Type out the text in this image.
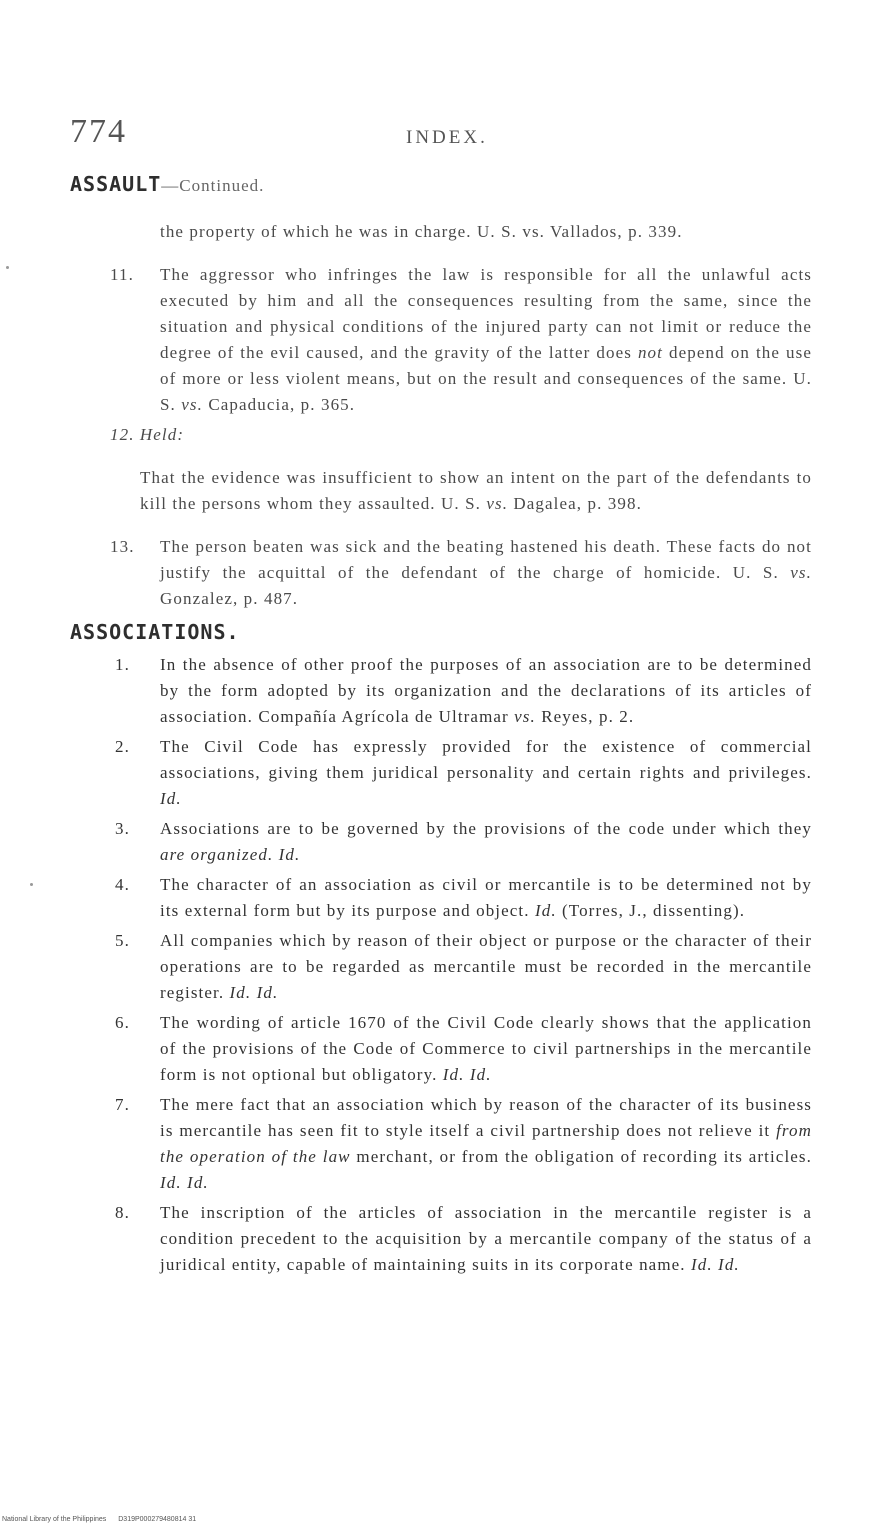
774	INDEX.

ASSAULT—Continued.

the property of which he was in charge. U. S. vs. Vallados, p. 339.

11. The aggressor who infringes the law is responsible for all the unlawful acts executed by him and all the consequences resulting from the same, since the situation and physical conditions of the injured party can not limit or reduce the degree of the evil caused, and the gravity of the latter does not depend on the use of more or less violent means, but on the result and consequences of the same. U. S. vs. Capaducia, p. 365.

12. Held:

That the evidence was insufficient to show an intent on the part of the defendants to kill the persons whom they assaulted. U. S. vs. Dagalea, p. 398.

13. The person beaten was sick and the beating hastened his death. These facts do not justify the acquittal of the defendant of the charge of homicide. U. S. vs. Gonzalez, p. 487.

ASSOCIATIONS.

1. In the absence of other proof the purposes of an association are to be determined by the form adopted by its organization and the declarations of its articles of association. Compañía Agrícola de Ultramar vs. Reyes, p. 2.

2. The Civil Code has expressly provided for the existence of commercial associations, giving them juridical personality and certain rights and privileges. Id.

3. Associations are to be governed by the provisions of the code under which they are organized. Id.

4. The character of an association as civil or mercantile is to be determined not by its external form but by its purpose and object. Id. (Torres, J., dissenting).

5. All companies which by reason of their object or purpose or the character of their operations are to be regarded as mercantile must be recorded in the mercantile register. Id. Id.

6. The wording of article 1670 of the Civil Code clearly shows that the application of the provisions of the Code of Commerce to civil partnerships in the mercantile form is not optional but obligatory. Id. Id.

7. The mere fact that an association which by reason of the character of its business is mercantile has seen fit to style itself a civil partnership does not relieve it from the operation of the law merchant, or from the obligation of recording its articles. Id. Id.

8. The inscription of the articles of association in the mercantile register is a condition precedent to the acquisition by a mercantile company of the status of a juridical entity, capable of maintaining suits in its corporate name. Id. Id.

National Library of the Philippines D319P000279480814 31
